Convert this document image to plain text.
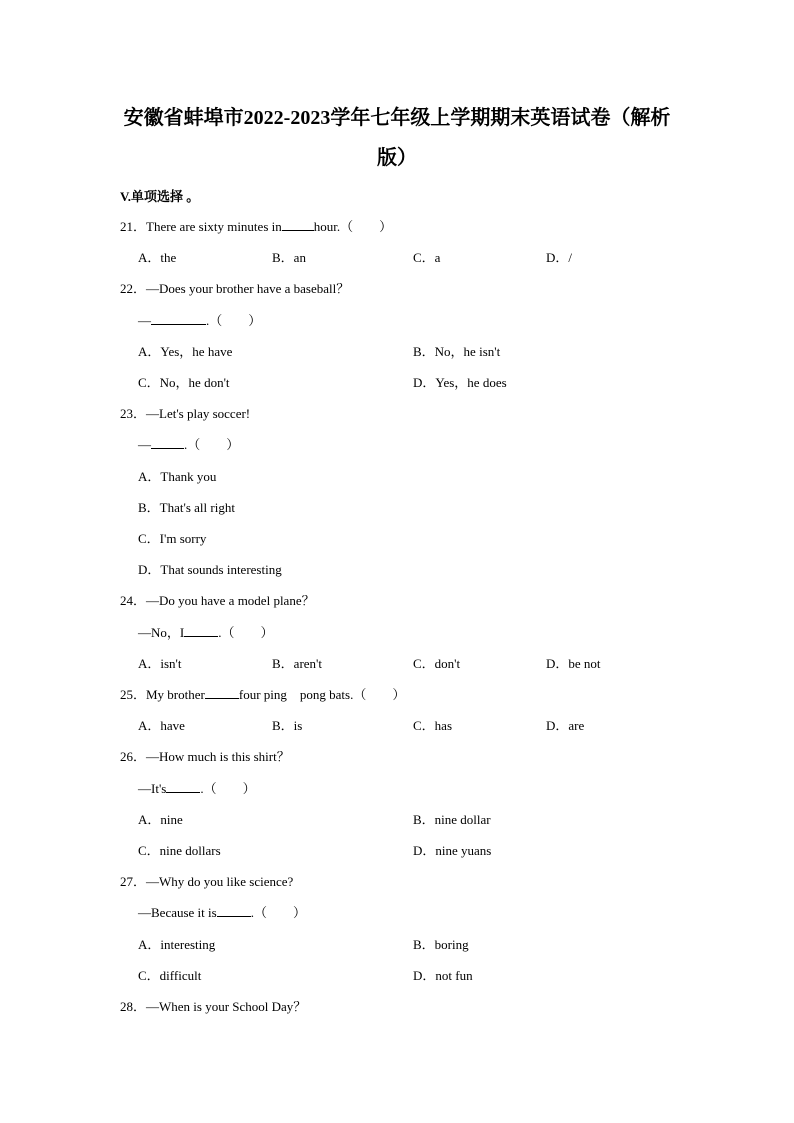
安徽省蚌埠市2022-2023学年七年级上学期期末英语试卷（解析
版）
V.单项选择 。
21．There are sixty minutes in hour.（　　）
A．the	B．an	C．a	D．/
22．—Does your brother have a baseball？
—	.（　　）
A．Yes，he have	B．No，he isn't
C．No，he don't	D．Yes，he does
23．—Let's play soccer!
—	.（　　）
A．Thank you
B．That's all right
C．I'm sorry
D．That sounds interesting
24．—Do you have a model plane？
—No，I	.（　　）
A．isn't	B．aren't	C．don't	D．be not
25．My brother	four ping　pong bats.（　　）
A．have	B．is	C．has	D．are
26．—How much is this shirt？
—It's	.（　　）
A．nine	B．nine dollar
C．nine dollars	D．nine yuans
27．—Why do you like science?
—Because it is	.（　　）
A．interesting	B．boring
C．difficult	D．not fun
28．—When is your School Day？
